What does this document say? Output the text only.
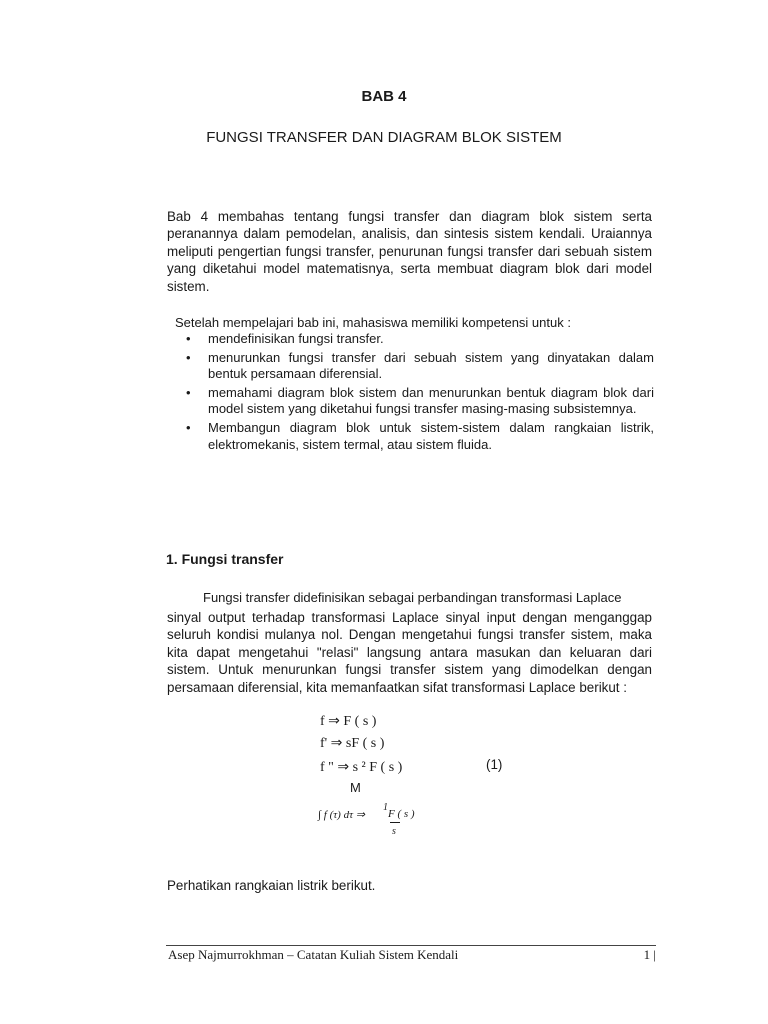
BAB 4
FUNGSI TRANSFER DAN DIAGRAM BLOK SISTEM
Bab 4 membahas tentang fungsi transfer dan diagram blok sistem serta peranannya dalam pemodelan, analisis, dan sintesis sistem kendali. Uraiannya meliputi pengertian fungsi transfer, penurunan fungsi transfer dari sebuah sistem yang diketahui model matematisnya, serta membuat diagram blok dari model sistem.
Setelah mempelajari bab ini, mahasiswa memiliki kompetensi untuk :
• mendefinisikan fungsi transfer.
• menurunkan fungsi transfer dari sebuah sistem yang dinyatakan dalam bentuk persamaan diferensial.
• memahami diagram blok sistem dan menurunkan bentuk diagram blok dari model sistem yang diketahui fungsi transfer masing-masing subsistemnya.
• Membangun diagram blok untuk sistem-sistem dalam rangkaian listrik, elektromekanis, sistem termal, atau sistem fluida.
1. Fungsi transfer
Fungsi transfer didefinisikan sebagai perbandingan transformasi Laplace
sinyal output terhadap transformasi Laplace sinyal input dengan menganggap seluruh kondisi mulanya nol. Dengan mengetahui fungsi transfer sistem, maka kita dapat mengetahui "relasi" langsung antara masukan dan keluaran dari sistem. Untuk menurunkan fungsi transfer sistem yang dimodelkan dengan persamaan diferensial, kita memanfaatkan sifat transformasi Laplace berikut :
f ⇒ F ( s )
f' ⇒ sF ( s )
f " ⇒ s ² F ( s )
M
∫ f (τ) dτ ⇒
1
F ( s )
s
(1)
Perhatikan rangkaian listrik berikut.
Asep Najmurrokhman – Catatan Kuliah Sistem Kendali	1 |
